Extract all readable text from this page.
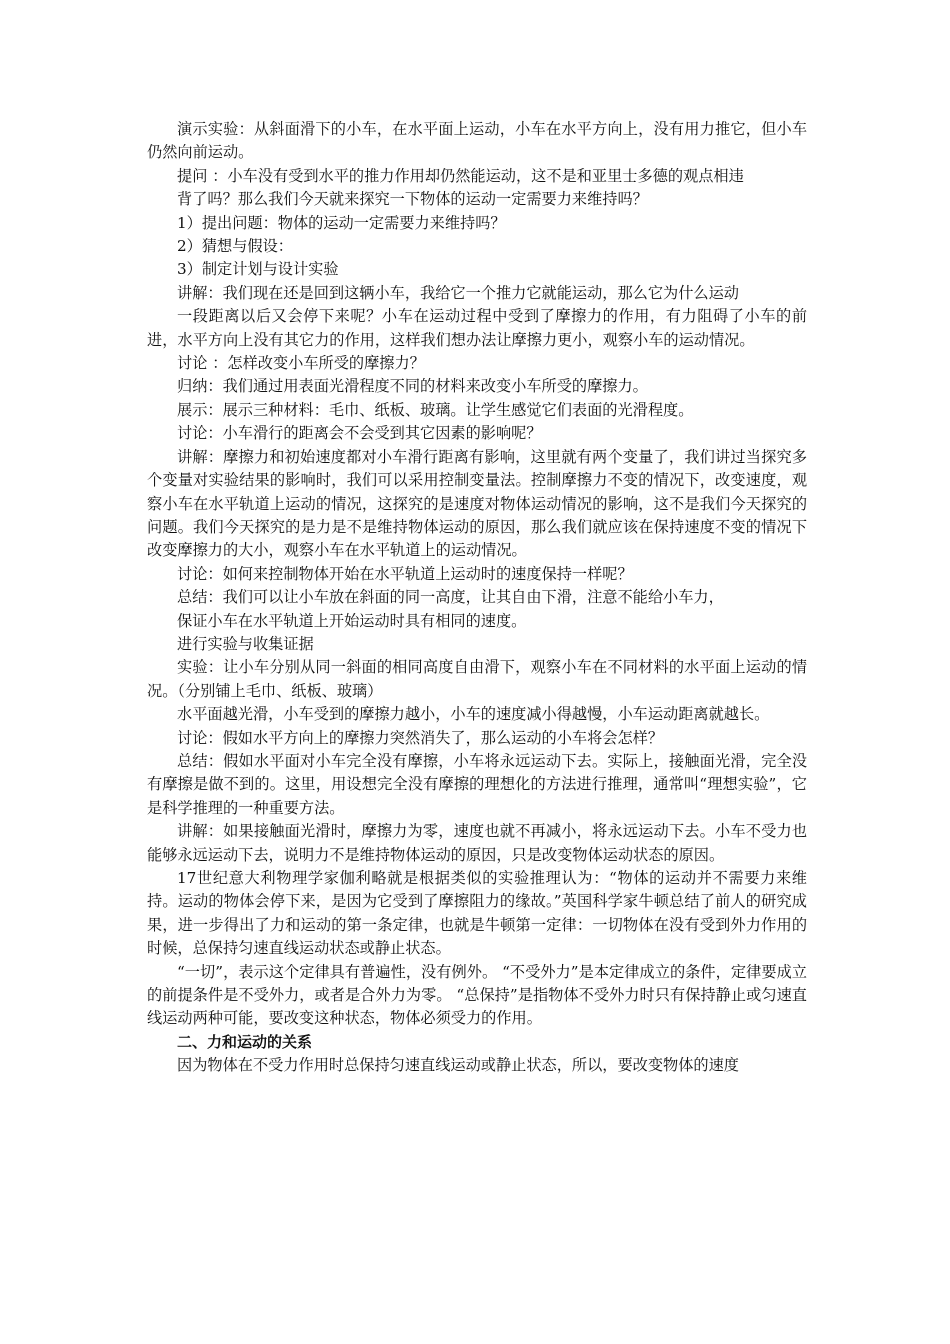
演示实验：从斜面滑下的小车，在水平面上运动，小车在水平方向上，没有用力推它，但小车仍然向前运动。

提问 ：小车没有受到水平的推力作用却仍然能运动，这不是和亚里士多德的观点相违

背了吗？那么我们今天就来探究一下物体的运动一定需要力来维持吗？

1）提出问题：物体的运动一定需要力来维持吗？

2）猜想与假设：

3）制定计划与设计实验

讲解：我们现在还是回到这辆小车，我给它一个推力它就能运动，那么它为什么运动

一段距离以后又会停下来呢？小车在运动过程中受到了摩擦力的作用，有力阻碍了小车的前进，水平方向上没有其它力的作用，这样我们想办法让摩擦力更小，观察小车的运动情况。

讨论 ：怎样改变小车所受的摩擦力？

归纳：我们通过用表面光滑程度不同的材料来改变小车所受的摩擦力。

展示：展示三种材料：毛巾、纸板、玻璃。让学生感觉它们表面的光滑程度。

讨论：小车滑行的距离会不会受到其它因素的影响呢？

讲解：摩擦力和初始速度都对小车滑行距离有影响，这里就有两个变量了，我们讲过当探究多个变量对实验结果的影响时，我们可以采用控制变量法。控制摩擦力不变的情况下，改变速度，观察小车在水平轨道上运动的情况，这探究的是速度对物体运动情况的影响，这不是我们今天探究的问题。我们今天探究的是力是不是维持物体运动的原因，那么我们就应该在保持速度不变的情况下改变摩擦力的大小，观察小车在水平轨道上的运动情况。

讨论：如何来控制物体开始在水平轨道上运动时的速度保持一样呢？

总结：我们可以让小车放在斜面的同一高度，让其自由下滑，注意不能给小车力，

保证小车在水平轨道上开始运动时具有相同的速度。

进行实验与收集证据

实验：让小车分别从同一斜面的相同高度自由滑下，观察小车在不同材料的水平面上运动的情况。（分别铺上毛巾、纸板、玻璃）

水平面越光滑，小车受到的摩擦力越小，小车的速度减小得越慢，小车运动距离就越长。

讨论：假如水平方向上的摩擦力突然消失了，那么运动的小车将会怎样？

总结：假如水平面对小车完全没有摩擦，小车将永远运动下去。实际上，接触面光滑，完全没有摩擦是做不到的。这里，用设想完全没有摩擦的理想化的方法进行推理，通常叫“理想实验”，它是科学推理的一种重要方法。

讲解：如果接触面光滑时，摩擦力为零，速度也就不再减小，将永远运动下去。小车不受力也能够永远运动下去，说明力不是维持物体运动的原因，只是改变物体运动状态的原因。

17世纪意大利物理学家伽利略就是根据类似的实验推理认为：“物体的运动并不需要力来维持。运动的物体会停下来，是因为它受到了摩擦阻力的缘故。”英国科学家牛顿总结了前人的研究成果，进一步得出了力和运动的第一条定律，也就是牛顿第一定律：一切物体在没有受到外力作用的时候，总保持匀速直线运动状态或静止状态。

“一切”，表示这个定律具有普遍性，没有例外。 “不受外力”是本定律成立的条件，定律要成立的前提条件是不受外力，或者是合外力为零。 “总保持”是指物体不受外力时只有保持静止或匀速直线运动两种可能，要改变这种状态，物体必须受力的作用。

二、力和运动的关系

因为物体在不受力作用时总保持匀速直线运动或静止状态，所以，要改变物体的速度
